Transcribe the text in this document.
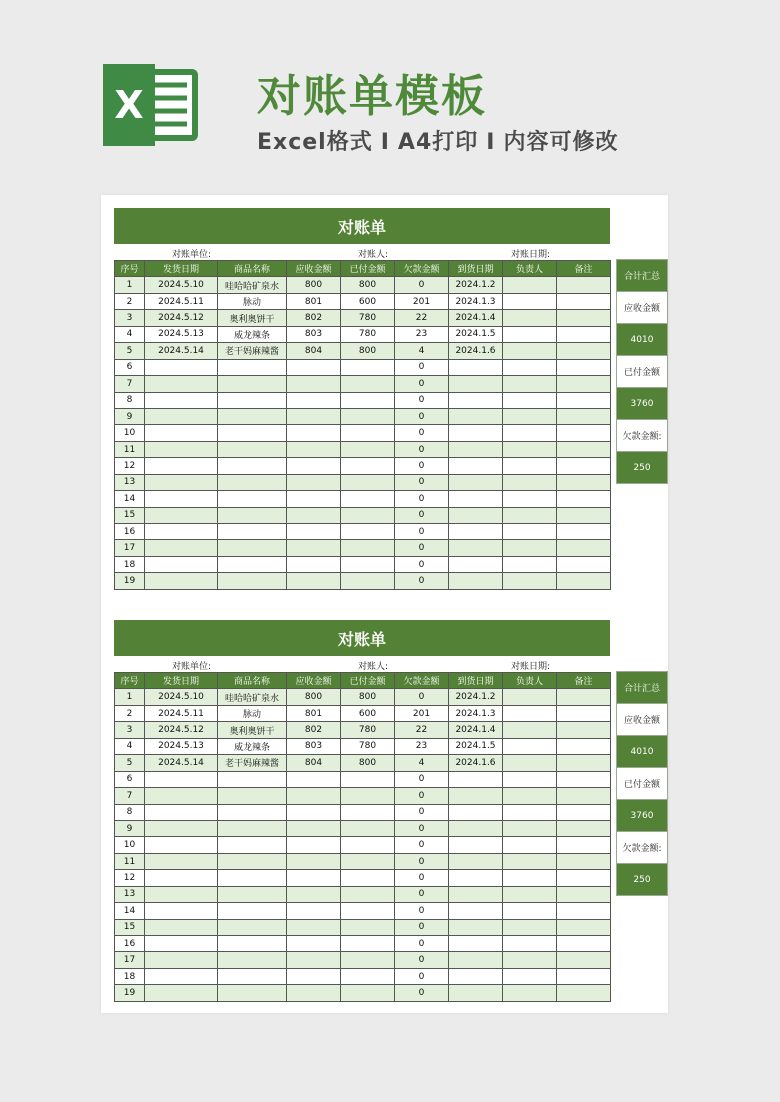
X	对账单模板
Excel格式 I A4打印 I 内容可修改
对账单
对账单位:	对账人:	对账日期:
序号	发货日期	商品名称	应收金额	已付金额	欠款金额	到货日期	负责人	备注
1	2024.5.10	哇哈哈矿泉水	800	800	0	2024.1.2		
2	2024.5.11	脉动	801	600	201	2024.1.3		
3	2024.5.12	奥利奥饼干	802	780	22	2024.1.4		
4	2024.5.13	威龙辣条	803	780	23	2024.1.5		
5	2024.5.14	老干妈麻辣酱	804	800	4	2024.1.6		
6					0			
7					0			
8					0			
9					0			
10					0			
11					0			
12					0			
13					0			
14					0			
15					0			
16					0			
17					0			
18					0			
19					0			
合计汇总
应收金额
4010
已付金额
3760
欠款金额:
250
对账单
对账单位:	对账人:	对账日期:
序号	发货日期	商品名称	应收金额	已付金额	欠款金额	到货日期	负责人	备注
1	2024.5.10	哇哈哈矿泉水	800	800	0	2024.1.2		
2	2024.5.11	脉动	801	600	201	2024.1.3		
3	2024.5.12	奥利奥饼干	802	780	22	2024.1.4		
4	2024.5.13	威龙辣条	803	780	23	2024.1.5		
5	2024.5.14	老干妈麻辣酱	804	800	4	2024.1.6		
6					0			
7					0			
8					0			
9					0			
10					0			
11					0			
12					0			
13					0			
14					0			
15					0			
16					0			
17					0			
18					0			
19					0			
合计汇总
应收金额
4010
已付金额
3760
欠款金额:
250
